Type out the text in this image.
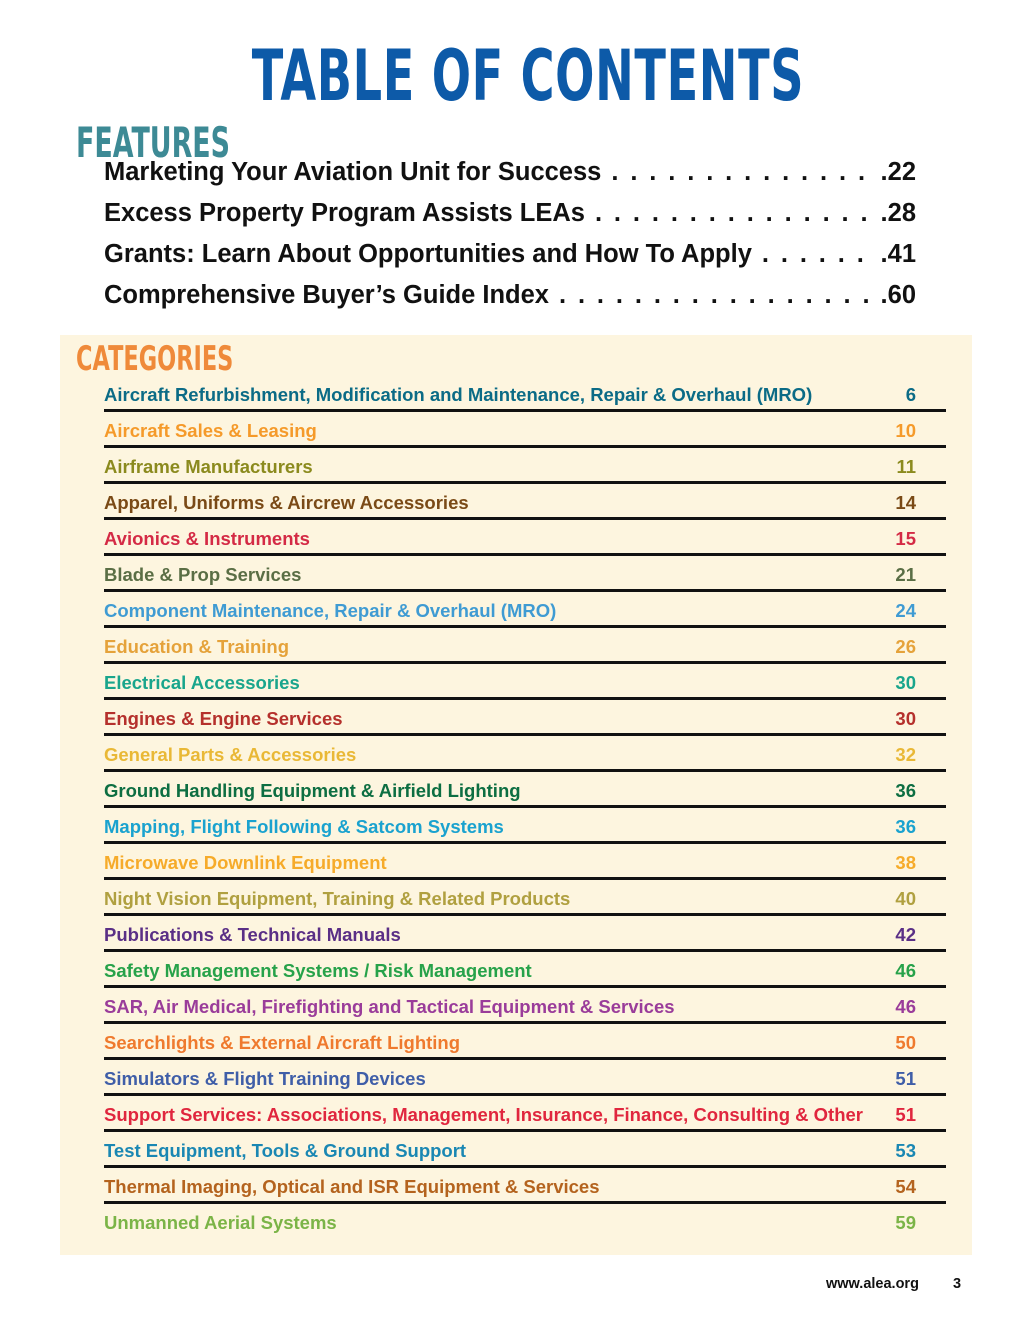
TABLE OF CONTENTS
FEATURES
Marketing Your Aviation Unit for Success . . .	.22
Excess Property Program Assists LEAs . . .	.28
Grants: Learn About Opportunities and How To Apply . . .	.41
Comprehensive Buyer’s Guide Index . . .	.60
CATEGORIES
Aircraft Refurbishment, Modification and Maintenance, Repair & Overhaul (MRO)	6
Aircraft Sales & Leasing	10
Airframe Manufacturers	11
Apparel, Uniforms & Aircrew Accessories	14
Avionics & Instruments	15
Blade & Prop Services	21
Component Maintenance, Repair & Overhaul (MRO)	24
Education & Training	26
Electrical Accessories	30
Engines & Engine Services	30
General Parts & Accessories	32
Ground Handling Equipment & Airfield Lighting	36
Mapping, Flight Following & Satcom Systems	36
Microwave Downlink Equipment	38
Night Vision Equipment, Training & Related Products	40
Publications & Technical Manuals	42
Safety Management Systems / Risk Management	46
SAR, Air Medical, Firefighting and Tactical Equipment & Services	46
Searchlights & External Aircraft Lighting	50
Simulators & Flight Training Devices	51
Support Services: Associations, Management, Insurance, Finance, Consulting & Other 51
Test Equipment, Tools & Ground Support	53
Thermal Imaging, Optical and ISR Equipment & Services	54
Unmanned Aerial Systems	59

www.alea.org 3
